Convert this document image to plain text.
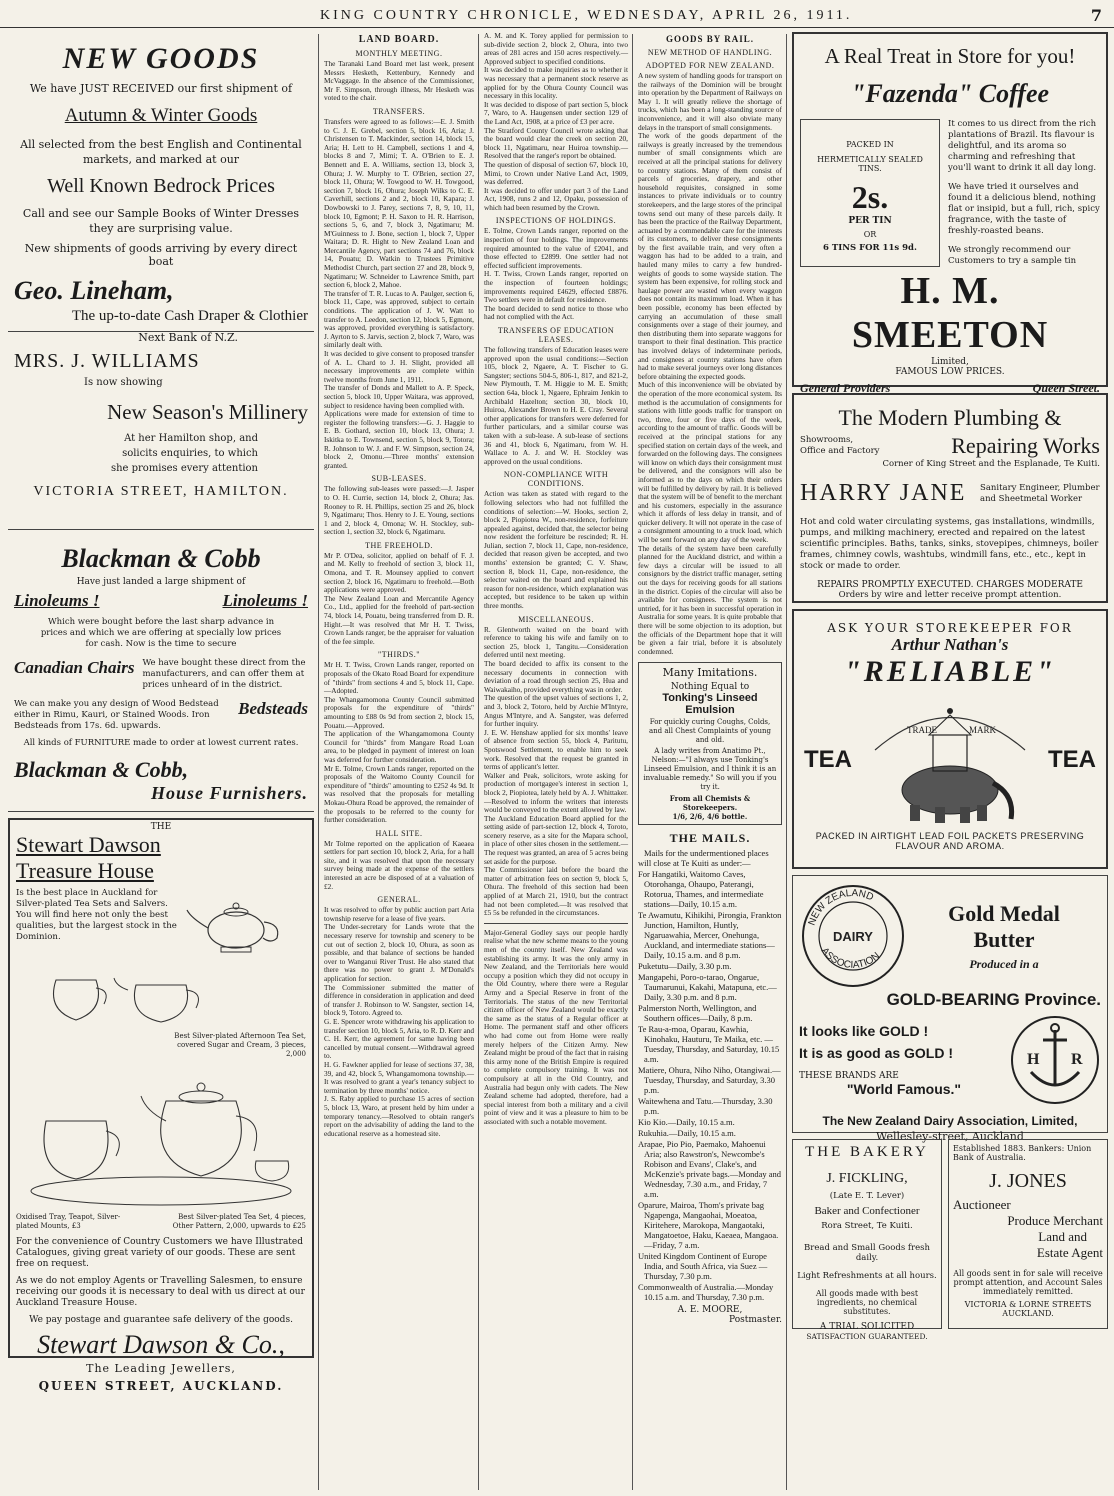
KING COUNTRY CHRONICLE, WEDNESDAY, APRIL 26, 1911.	7
NEW GOODS
We have JUST RECEIVED our first shipment of
Autumn & Winter Goods
All selected from the best English and Continental markets, and marked at our
Well Known Bedrock Prices
Call and see our Sample Books of Winter Dresses they are surprising value.
New shipments of goods arriving by every direct boat
Geo. Lineham,
The up-to-date Cash Draper & Clothier
Next Bank of N.Z.
MRS. J. WILLIAMS
Is now showing
New Season's Millinery
At her Hamilton shop, and
solicits enquiries, to which
she promises every attention
VICTORIA STREET, HAMILTON.
Blackman & Cobb
Have just landed a large shipment of
Linoleums !	Linoleums !
Which were bought before the last sharp advance in prices and which we are offering at specially low prices for cash. Now is the time to secure
Canadian Chairs We have bought these direct from the manufacturers, and can offer them at prices unheard of in the district.
We can make you any design of Wood Bedstead either in Rimu, Kauri, or Stained Woods. Iron Bedsteads from 17s. 6d. upwards.
Bedsteads
All kinds of FURNITURE made to order at lowest current rates.
Blackman & Cobb,
House Furnishers.
THE
Stewart Dawson
Treasure House
Is the best place in Auckland for Silver-plated Tea Sets and Salvers. You will find here not only the best qualities, but the largest stock in the Dominion.
Best Silver-plated Afternoon Tea Set, covered Sugar and Cream, 3 pieces, 2,000
Oxidised Tray, Teapot, Silver-plated Mounts, £3
Best Silver-plated Tea Set, 4 pieces, Other Pattern, 2,000, upwards to £25
For the convenience of Country Customers we have Illustrated Catalogues, giving great variety of our goods. These are sent free on request.
As we do not employ Agents or Travelling Salesmen, to ensure receiving our goods it is necessary to deal with us direct at our Auckland Treasure House.
We pay postage and guarantee safe delivery of the goods.
Stewart Dawson & Co.,
The Leading Jewellers,
QUEEN STREET, AUCKLAND.
LAND BOARD.
MONTHLY MEETING.

The Taranaki Land Board met last week, present Messrs Hesketh, Kettenbury, Kennedy and McVaggage. In the absence of the Commissioner, Mr F. Simpson, through illness, Mr Hesketh was voted to the chair.

TRANSFERS.

Transfers were agreed to as follows:—E. J. Smith to C. J. E. Grebel, section 5, block 16, Aria; J. Christensen to T. Mackinder, section 14, block 15, Aria; H. Lett to H. Campbell, sections 1 and 4, blocks 8 and 7, Mimi; T. A. O'Brien to E. J. Bennett and E. A. Williams, section 13, block 3, Ohura; J. W. Murphy to T. O'Brien, section 27, block 11, Ohura; W. Towgood to W. H. Towgood, section 7, block 16, Ohura; Joseph Wilks to C. E. Caverhill, sections 2 and 2, block 10, Kapara; J. Dowbowski to J. Parey, sections 7, 8, 9, 10, 11, block 10, Egmont; P. H. Saxon to H. R. Harrison, sections 5, 6, and 7, block 3, Ngatimaru; M. M'Guinness to J. Bone, section 1, block 7, Upper Waitara; D. R. Hight to New Zealand Loan and Mercantile Agency, part sections 74 and 76, block 14, Pouatu; D. Watkin to Trustees Primitive Methodist Church, part section 27 and 28, block 9, Ngatimaru; W. Schneider to Lawrence Smith, part section 6, block 2, Mahoe.

The transfer of T. R. Lucas to A. Paulger, section 6, block 11, Cape, was approved, subject to certain conditions. The application of J. W. Watt to transfer to A. Leedon, section 12, block 5, Egmont, was approved, provided everything is satisfactory. J. Ayrton to S. Jarvis, section 2, block 7, Waro, was similarly dealt with.

It was decided to give consent to proposed transfer of A. L. Chard to J. H. Slight, provided all necessary improvements are complete within twelve months from June 1, 1911.

The transfer of Donds and Mallett to A. P. Speck, section 5, block 10, Upper Waitara, was approved, subject to residence having been complied with.

Applications were made for extension of time to register the following transfers:—G. J. Haggie to E. B. Gothard, section 10, block 13, Ohura; J. Iskitka to E. Townsend, section 5, block 9, Totora; R. Johnson to W. J. and F. W. Simpson, section 24, block 2, Omonu.—Three months' extension granted.

SUB-LEASES.

The following sub-leases were passed:—J. Jasper to O. H. Currie, section 14, block 2, Ohura; Jas. Rooney to R. H. Phillips, section 25 and 26, block 9, Ngatimaru; Thos. Henry to J. E. Young, sections 1 and 2, block 4, Omona; W. H. Stockley, sub-section 1, section 32, block 6, Ngatimaru.

THE FREEHOLD.

Mr P. O'Dea, solicitor, applied on behalf of F. J. and M. Kelly to freehold of section 3, block 11, Omona, and T. R. Mounsey applied to convert section 2, block 16, Ngatimaru to freehold.—Both applications were approved.

The New Zealand Loan and Mercantile Agency Co., Ltd., applied for the freehold of part-section 74, block 14, Pouatu, being transferred from D. R. Hight.—It was resolved that Mr H. T. Twiss, Crown Lands ranger, be the appraiser for valuation of the fee simple.

"THIRDS."

Mr H. T. Twiss, Crown Lands ranger, reported on proposals of the Okato Road Board for expenditure of "thirds" from sections 4 and 5, block 11, Cape.—Adopted.

The Whangamomona County Council submitted proposals for the expenditure of "thirds" amounting to £88 0s 9d from section 2, block 15, Pouatu.—Approved.

The application of the Whangamomona County Council for "thirds" from Mangare Road Loan area, to be pledged in payment of interest on loan was deferred for further consideration.

Mr E. Tolme, Crown Lands ranger, reported on the proposals of the Waitomo County Council for expenditure of "thirds" amounting to £252 4s 9d. It was resolved that the proposals for metalling Mokau-Ohura Road be approved, the remainder of the proposals to be referred to the county for further consideration.

HALL SITE.

Mr Tolme reported on the application of Kaeaea settlers for part section 10, block 2, Aria, for a hall site, and it was resolved that upon the necessary survey being made at the expense of the settlers interested an acre be disposed of at a valuation of £2.

GENERAL.

It was resolved to offer by public auction part Aria township reserve for a lease of five years.

The Under-secretary for Lands wrote that the necessary reserve for township and scenery to be cut out of section 2, block 10, Ohura, as soon as possible, and that balance of sections be handed over to Wanganui River Trust. He also stated that there was no power to grant J. M'Donald's application for section.

The Commissioner submitted the matter of difference in consideration in application and deed of transfer J. Robinson to W. Sangster, section 14, block 9, Totoro. Agreed to.

G. E. Spencer wrote withdrawing his application to transfer section 10, block 5, Aria, to R. D. Kerr and C. H. Kerr, the agreement for same having been cancelled by mutual consent.—Withdrawal agreed to.

H. G. Fawkner applied for lease of sections 37, 38, 39, and 42, block 5, Whangamomona township.—It was resolved to grant a year's tenancy subject to termination by three months' notice.

J. S. Raby applied to purchase 15 acres of section 5, block 13, Waro, at present held by him under a temporary tenancy.—Resolved to obtain ranger's report on the advisability of adding the land to the educational reserve as a homestead site.

A. M. and K. Torey applied for permission to sub-divide section 2, block 2, Ohura, into two areas of 281 acres and 150 acres respectively.—Approved subject to specified conditions.

It was decided to make inquiries as to whether it was necessary that a permanent stock reserve as applied for by the Ohura County Council was necessary in this locality.

It was decided to dispose of part section 5, block 7, Waro, to A. Haugensen under section 129 of the Land Act, 1908, at a price of £3 per acre.

The Stratford County Council wrote asking that the board would clear the creek on section 20, block 11, Ngatimaru, near Huiroa township.—Resolved that the ranger's report be obtained.

The question of disposal of section 67, block 10, Mimi, to Crown under Native Land Act, 1909, was deferred.

It was decided to offer under part 3 of the Land Act, 1908, runs 2 and 12, Opaku, possession of which had been resumed by the Crown.

INSPECTIONS OF HOLDINGS.

E. Tolme, Crown Lands ranger, reported on the inspection of four holdings. The improvements required amounted to the value of £2041, and those effected to £2899. One settler had not effected sufficient improvements.

H. T. Twiss, Crown Lands ranger, reported on the inspection of fourteen holdings; improvements required £4629, effected £8876. Two settlers were in default for residence.

The board decided to send notice to those who had not complied with the Act.

TRANSFERS OF EDUCATION LEASES.

The following transfers of Education leases were approved upon the usual conditions:—Section 105, block 2, Ngaere, A. T. Fischer to G. Sangster; sections 504-5, 806-1, 817, and 821-2, New Plymouth, T. M. Higgie to M. E. Smith; section 64a, block 1, Ngaere, Ephraim Jenkin to Archibald Hazelton; section 30, block 10, Huiroa, Alexander Brown to H. E. Cray. Several other applications for transfers were deferred for further particulars, and a similar course was taken with a sub-lease. A sub-lease of sections 36 and 41, block 6, Ngatimaru, from W. H. Wallace to A. J. and W. H. Stockley was approved on the usual conditions.

NON-COMPLIANCE WITH CONDITIONS.

Action was taken as stated with regard to the following selectors who had not fulfilled the conditions of selection:—W. Hooks, section 2, block 2, Piopiotea W., non-residence, forfeiture appealed against, decided that, the selector being now resident the forfeiture be rescinded; R. H. Julian, section 7, block 11, Cape, non-residence, decided that reason given be accepted, and two months' extension be granted; C. V. Shaw, section 8, block 11, Cape, non-residence, the selector waited on the board and explained his reason for non-residence, which explanation was accepted, but residence to be taken up within three months.

MISCELLANEOUS.

R. Glentworth waited on the board with reference to taking his wife and family on to section 25, block 1, Tangitu.—Consideration deferred until next meeting.

The board decided to affix its consent to the necessary documents in connection with deviation of a road through section 25, Hua and Waiwakaiho, provided everything was in order.

The question of the upset values of sections 1, 2, and 3, block 2, Totoro, held by Archie M'Intyre, Angus M'Intyre, and A. Sangster, was deferred for further inquiry.

J. E. W. Henshaw applied for six months' leave of absence from section 55, block 4, Paritutu, Spotswood Settlement, to enable him to seek work. Resolved that the request be granted in terms of applicant's letter.

Walker and Peak, solicitors, wrote asking for production of mortgagee's interest in section 1, block 2, Piopiotea, lately held by A. J. Whittaker.—Resolved to inform the writers that interests would be conveyed to the extent allowed by law.

The Auckland Education Board applied for the setting aside of part-section 12, block 4, Toroto, scenery reserve, as a site for the Mapara school, in place of other sites chosen in the settlement.—The request was granted, an area of 5 acres being set aside for the purpose.

The Commissioner laid before the board the matter of arbitration fees on section 9, block 5, Ohura. The freehold of this section had been applied of at March 21, 1910, but the contract had not been completed.—It was resolved that £5 5s be refunded in the circumstances.

Major-General Godley says our people hardly realise what the new scheme means to the young men of the country itself. New Zealand was establishing its army. It was the only army in New Zealand, and the Territorials here would occupy a position which they did not occupy in the Old Country, where there were a Regular Army and a Special Reserve in front of the Territorials. The status of the new Territorial citizen officer of New Zealand would be exactly the same as the status of a Regular officer at Home. The permanent staff and other officers who had come out from Home were really merely helpers of the Citizen Army. New Zealand might be proud of the fact that in raising this army none of the British Empire is required to complete compulsory training. It was not compulsory at all in the Old Country, and Australia had begun only with cadets. The New Zealand scheme had adopted, therefore, had a special interest from both a military and a civil point of view and it was a pleasure to him to be associated with such a notable movement.

GOODS BY RAIL.
NEW METHOD OF HANDLING.
ADOPTED FOR NEW ZEALAND.

A new system of handling goods for transport on the railways of the Dominion will be brought into operation by the Department of Railways on May 1. It will greatly relieve the shortage of trucks, which has been a long-standing source of inconvenience, and it will also obviate many delays in the transport of small consignments.

The work of the goods department of the railways is greatly increased by the tremendous number of small consignments which are received at all the principal stations for delivery to country stations. Many of them consist of parcels of groceries, drapery, and other household requisites, consigned in some instances to private individuals or to country storekeepers, and the large stores of the principal towns send out many of these parcels daily. It has been the practice of the Railway Department, actuated by a commendable care for the interests of its customers, to deliver these consignments by the first available train, and very often a waggon has had to be added to a train, and hauled many miles to carry a few hundred-weights of goods to some wayside station. The system has been expensive, for rolling stock and haulage power are wasted when every waggon does not contain its maximum load. When it has been possible, economy has been effected by carrying an accumulation of these small consignments over a stage of their journey, and then distributing them into separate waggons for transport to their final destination. This practice has involved delays of indeterminate periods, and consignees at country stations have often had to make several journeys over long distances before obtaining the expected goods.

Much of this inconvenience will be obviated by the operation of the more economical system. Its method is the accumulation of consignments for stations with little goods traffic for transport on two, three, four or five days of the week, according to the amount of traffic. Goods will be received at the principal stations for any specified station on certain days of the week, and forwarded on the following days. The consignees will know on which days their consignment must be delivered, and the consignors will also be informed as to the days on which their orders will be fulfilled by delivery by rail. It is believed that the system will be of benefit to the merchant and his customers, especially in the assurance which it affords of less delay in transit, and of quicker delivery. It will not operate in the case of a consignment amounting to a truck load, which will be sent forward on any day of the week.

The details of the system have been carefully planned for the Auckland district, and within a few days a circular will be issued to all consignors by the district traffic manager, setting out the days for receiving goods for all stations in the district. Copies of the circular will also be available for consignees. The system is not untried, for it has been in successful operation in Australia for some years. It is quite probable that there will be some objection to its adoption, but the officials of the Department hope that it will be given a fair trial, before it is absolutely condemned.

Many Imitations.
Nothing Equal to
Tonking's Linseed Emulsion
For quickly curing Coughs, Colds, and all Chest Complaints of young and old.
A lady writes from Anatimo Pt., Nelson:—"I always use Tonking's Linseed Emulsion, and I think it is an invaluable remedy." So will you if you try it.
From all Chemists & Storekeepers.
1/6, 2/6, 4/6 bottle.
THE MAILS.

Mails for the undermentioned places will close at Te Kuiti as under:—

For Hangatiki, Waitomo Caves, Otorohanga, Ohaupo, Paterangi, Rotorua, Thames, and intermediate stations—Daily, 10.15 a.m.

Te Awamutu, Kihikihi, Pirongia, Frankton Junction, Hamilton, Huntly, Ngaruawahia, Mercer, Onehunga, Auckland, and intermediate stations—Daily, 10.15 a.m. and 8 p.m.

Puketutu—Daily, 3.30 p.m.

Mangapehi, Poro-o-tarao, Ongarue, Taumarunui, Kakahi, Matapuna, etc.—Daily, 3.30 p.m. and 8 p.m.

Palmerston North, Wellington, and Southern offices—Daily, 8 p.m.

Te Rau-a-moa, Oparau, Kawhia, Kinohaku, Hauturu, Te Maika, etc. —Tuesday, Thursday, and Saturday, 10.15 a.m.

Matiere, Ohura, Niho Niho, Otangiwai.—Tuesday, Thursday, and Saturday, 3.30 p.m.

Waitewhena and Tatu.—Thursday, 3.30 p.m.

Kio Kio.—Daily, 10.15 a.m.

Rukuhia.—Daily, 10.15 a.m.

Arapae, Pio Pio, Paemako, Mahoenui Aria; also Rawstron's, Newcombe's Robison and Evans', Clake's, and McKenzie's private bags.—Monday and Wednesday, 7.30 a.m., and Friday, 7 a.m.

Oparure, Mairoa, Thom's private bag Ngapenga, Mangaohai, Moeatoa, Kiritehere, Marokopa, Mangaotaki, Mangatoetoe, Haku, Kaeaea, Mangaoa.—Friday, 7 a.m.

United Kingdom Continent of Europe India, and South Africa, via Suez —Thursday, 7.30 p.m.

Commonwealth of Australia.—Monday 10.15 a.m. and Thursday, 7.30 p.m.

A. E. MOORE,
Postmaster.
A Real Treat in Store for you!
"Fazenda" Coffee
PACKED IN
HERMETICALLY SEALED TINS.
2s.
PER TIN
OR
6 TINS FOR 11s 9d.
It comes to us direct from the rich plantations of Brazil. Its flavour is delightful, and its aroma so charming and refreshing that you'll want to drink it all day long.
We have tried it ourselves and found it a delicious blend, nothing flat or insipid, but a full, rich, spicy fragrance, with the taste of freshly-roasted beans.
We strongly recommend our Customers to try a sample tin
H. M. SMEETON
Limited,
FAMOUS LOW PRICES.
General Providers	Queen Street.
The Modern Plumbing &
Showrooms, Office and Factory	Repairing Works
Corner of King Street and the Esplanade, Te Kuiti.
HARRY JANE Sanitary Engineer, Plumber and Sheetmetal Worker
Hot and cold water circulating systems, gas installations, windmills, pumps, and milking machinery, erected and repaired on the latest scientific principles. Baths, tanks, sinks, stovepipes, chimneys, boiler frames, chimney cowls, washtubs, windmill fans, etc., etc., kept in stock or made to order.
REPAIRS PROMPTLY EXECUTED. CHARGES MODERATE
Orders by wire and letter receive prompt attention.
ASK YOUR STOREKEEPER FOR
Arthur Nathan's
"RELIABLE"
TEA
TRADE	MARK
TEA
PACKED IN AIRTIGHT LEAD FOIL PACKETS PRESERVING FLAVOUR AND AROMA.
NEW ZEALAND
ASSOCIATION
DAIRY
Gold Medal
Butter
Produced in a
GOLD-BEARING Province.
It looks like GOLD !
It is as good as GOLD !
THESE BRANDS ARE
"World Famous."
H R
The New Zealand Dairy Association, Limited,
Wellesley-street, Auckland
THE BAKERY
J. FICKLING,
(Late E. T. Lever)
Baker and Confectioner
Rora Street, Te Kuiti.
Bread and Small Goods fresh daily.
Light Refreshments at all hours.
All goods made with best ingredients, no chemical substitutes.
A TRIAL SOLICITED
SATISFACTION GUARANTEED.
Established 1883. Bankers: Union Bank of Australia.
J. JONES
Auctioneer
Produce Merchant
Land and
Estate Agent
All goods sent in for sale will receive prompt attention, and Account Sales immediately remitted.
VICTORIA & LORNE STREETS AUCKLAND.
